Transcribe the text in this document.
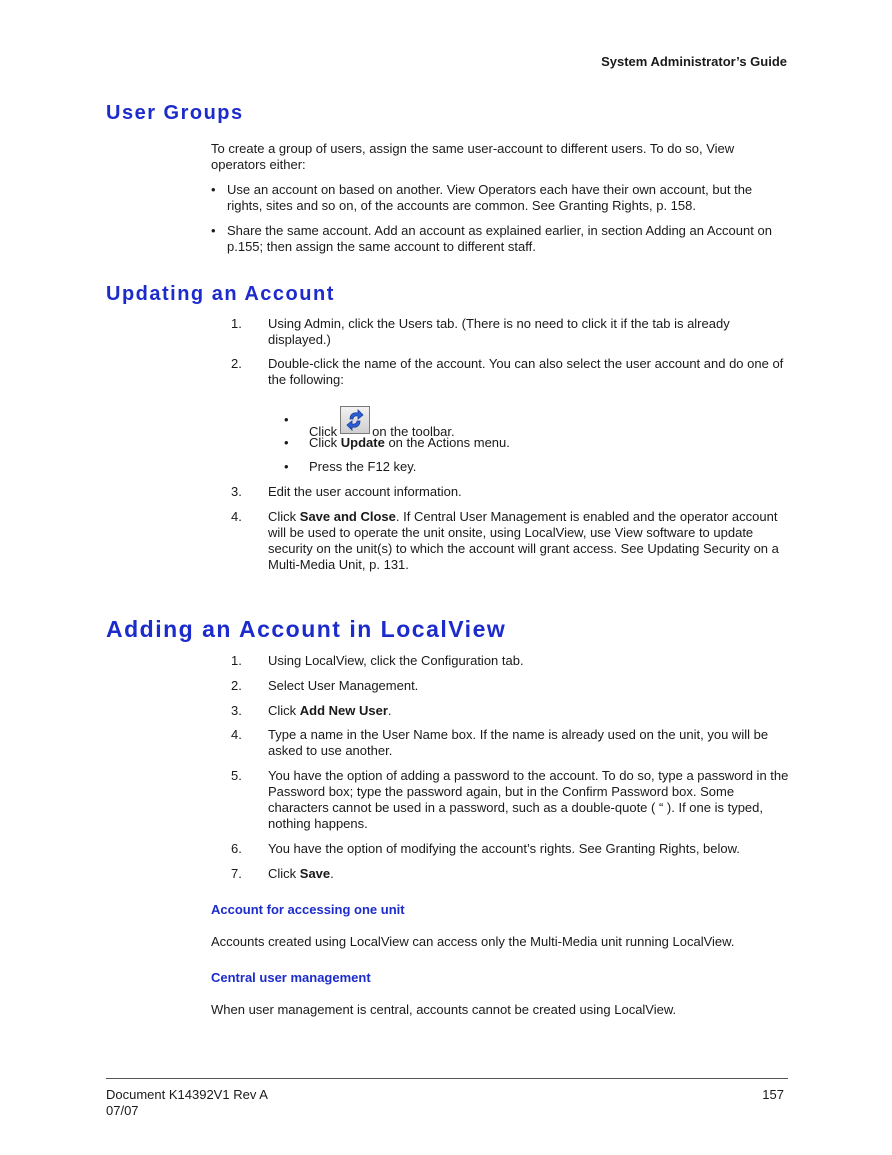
System Administrator’s Guide
User Groups

To create a group of users, assign the same user-account to different users. To do so, View operators either:

• Use an account on based on another. View Operators each have their own account, but the rights, sites and so on, of the accounts are common. See Granting Rights, p. 158.
• Share the same account. Add an account as explained earlier, in section Adding an Account on p.155; then assign the same account to different staff.
Updating an Account
1. Using Admin, click the Users tab. (There is no need to click it if the tab is already displayed.)
2. Double-click the name of the account. You can also select the user account and do one of the following:
•
Click	on the toolbar.
• Click Update on the Actions menu.
• Press the F12 key.
3. Edit the user account information.
4. Click Save and Close. If Central User Management is enabled and the operator account will be used to operate the unit onsite, using LocalView, use View software to update security on the unit(s) to which the account will grant access. See Updating Security on a Multi-Media Unit, p. 131.
Adding an Account in LocalView
1. Using LocalView, click the Configuration tab.
2. Select User Management.
3. Click Add New User.
4. Type a name in the User Name box. If the name is already used on the unit, you will be asked to use another.
5. You have the option of adding a password to the account. To do so, type a password in the Password box; type the password again, but in the Confirm Password box. Some characters cannot be used in a password, such as a double-quote ( “ ). If one is typed, nothing happens.
6. You have the option of modifying the account’s rights. See Granting Rights, below.
7. Click Save.
Account for accessing one unit

Accounts created using LocalView can access only the Multi-Media unit running LocalView.

Central user management

When user management is central, accounts cannot be created using LocalView.

Document K14392V1 Rev A
07/07
157
